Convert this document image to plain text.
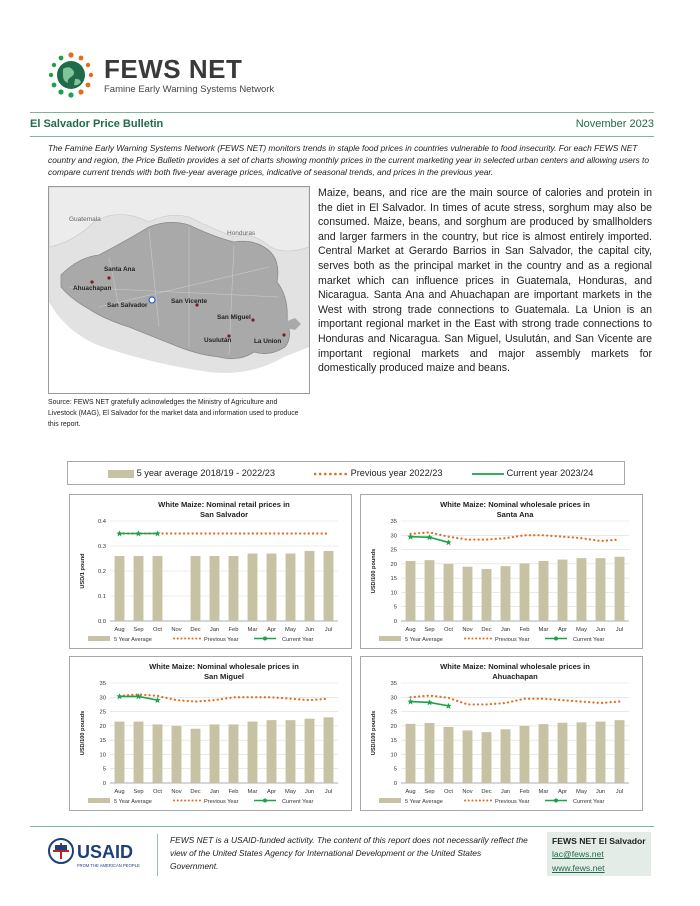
FEWS NET
Famine Early Warning Systems Network
El Salvador Price Bulletin	November 2023

The Famine Early Warning Systems Network (FEWS NET) monitors trends in staple food prices in countries vulnerable to food insecurity. For each FEWS NET country and region, the Price Bulletin provides a set of charts showing monthly prices in the current marketing year in selected urban centers and allowing users to compare current trends with both five-year average prices, indicative of seasonal trends, and prices in the previous year.

Guatemala
Honduras
Santa Ana
Ahuachapan
San Salvador
San Vicente
San Miguel
Usulután	La Union

Source: FEWS NET gratefully acknowledges the Ministry of Agriculture and Livestock (MAG), El Salvador for the market data and information used to produce this report.

Maize, beans, and rice are the main source of calories and protein in the diet in El Salvador. In times of acute stress, sorghum may also be consumed. Maize, beans, and sorghum are produced by smallholders and larger farmers in the country, but rice is almost entirely imported. Central Market at Gerardo Barrios in San Salvador, the capital city, serves both as the principal market in the country and as a regional market which can influence prices in Guatemala, Honduras, and Nicaragua. Santa Ana and Ahuachapan are important markets in the West with strong trade connections to Guatemala. La Union is an important regional market in the East with strong trade connections to Honduras and Nicaragua. San Miguel, Usulután, and San Vicente are important regional markets and major assembly markets for domestically produced maize and beans.

5 year average 2018/19 - 2022/23	Previous year 2022/23	Current year 2023/24
White Maize: Nominal retail prices in
San Salvador
USD/1 pound
0.0
0.1
0.2
0.3
0.4
Aug Sep Oct Nov Dec Jan Feb Mar Apr May Jun Jul
5 Year Average	Previous Year	Current Year
White Maize: Nominal wholesale prices in
Santa Ana
USD/100 pounds
0
5
10
15
20
25
30
35
Aug Sep Oct Nov Dec Jan Feb Mar Apr May Jun Jul
5 Year Average	Previous Year	Current Year
White Maize: Nominal wholesale prices in
San Miguel
USD/100 pounds
0
5
10
15
20
25
30
35
Aug Sep Oct Nov Dec Jan Feb Mar Apr May Jun Jul
5 Year Average	Previous Year	Current Year
White Maize: Nominal wholesale prices in
Ahuachapan
USD/100 pounds
0
5
10
15
20
25
30
35
Aug Sep Oct Nov Dec Jan Feb Mar Apr May Jun Jul
5 Year Average	Previous Year	Current Year
USAID
FROM THE AMERICAN PEOPLE

FEWS NET is a USAID-funded activity. The content of this report does not necessarily reflect the view of the United States Agency for International Development or the United States Government.

FEWS NET El Salvador
lac@fews.net
www.fews.net
